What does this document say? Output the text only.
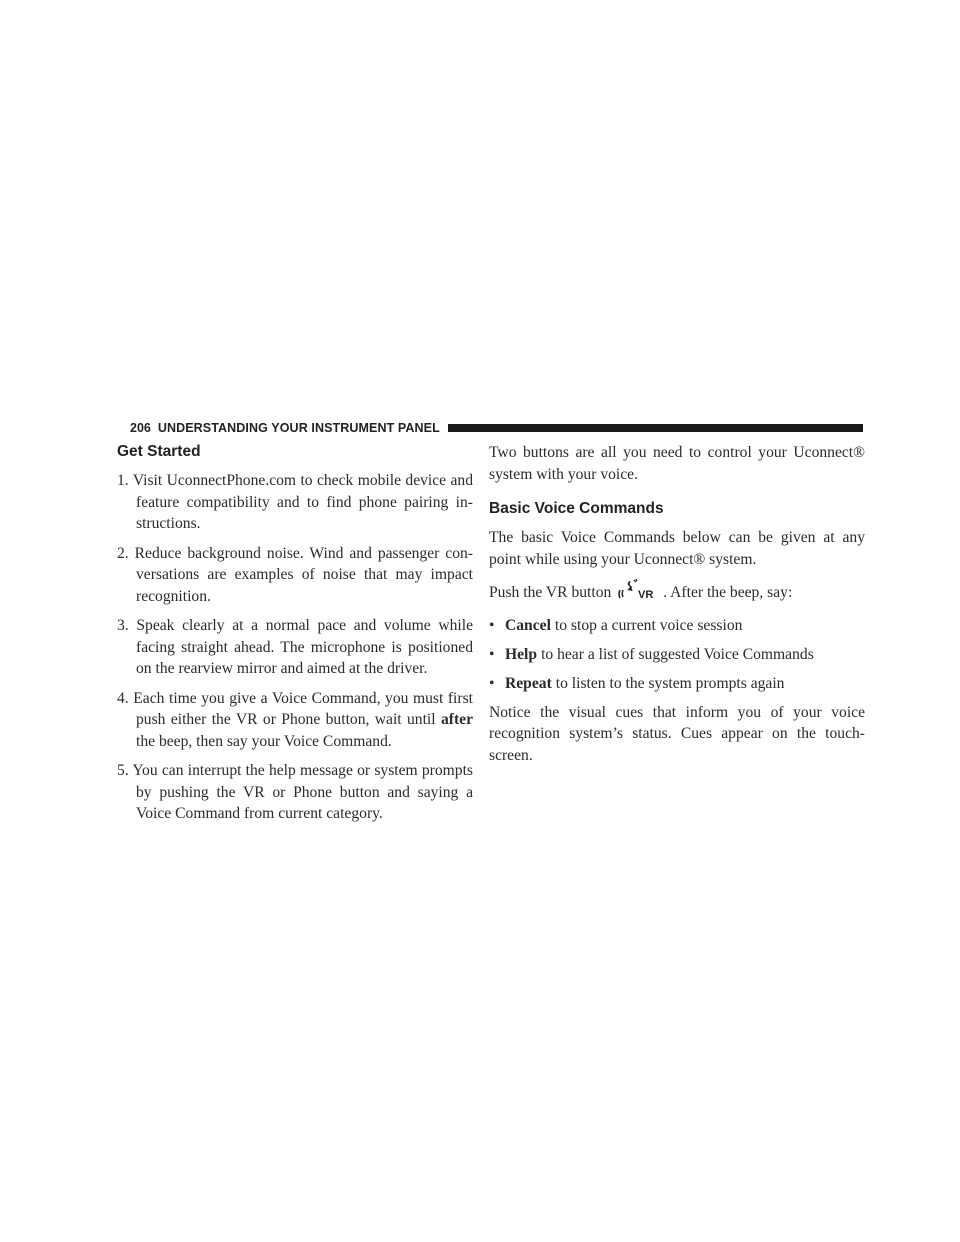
206 UNDERSTANDING YOUR INSTRUMENT PANEL
Get Started
1. Visit UconnectPhone.com to check mobile device and feature compatibility and to find phone pairing in- structions.
2. Reduce background noise. Wind and passenger con- versations are examples of noise that may impact recognition.
3. Speak clearly at a normal pace and volume while facing straight ahead. The microphone is positioned on the rearview mirror and aimed at the driver.
4. Each time you give a Voice Command, you must first push either the VR or Phone button, wait until after the beep, then say your Voice Command.
5. You can interrupt the help message or system prompts by pushing the VR or Phone button and saying a Voice Command from current category.

Two buttons are all you need to control your Uconnect® system with your voice.

Basic Voice Commands

The basic Voice Commands below can be given at any point while using your Uconnect® system.

Push the VR button VR . After the beep, say:

• Cancel to stop a current voice session
• Help to hear a list of suggested Voice Commands
• Repeat to listen to the system prompts again

Notice the visual cues that inform you of your voice recognition system’s status. Cues appear on the touch- screen.
